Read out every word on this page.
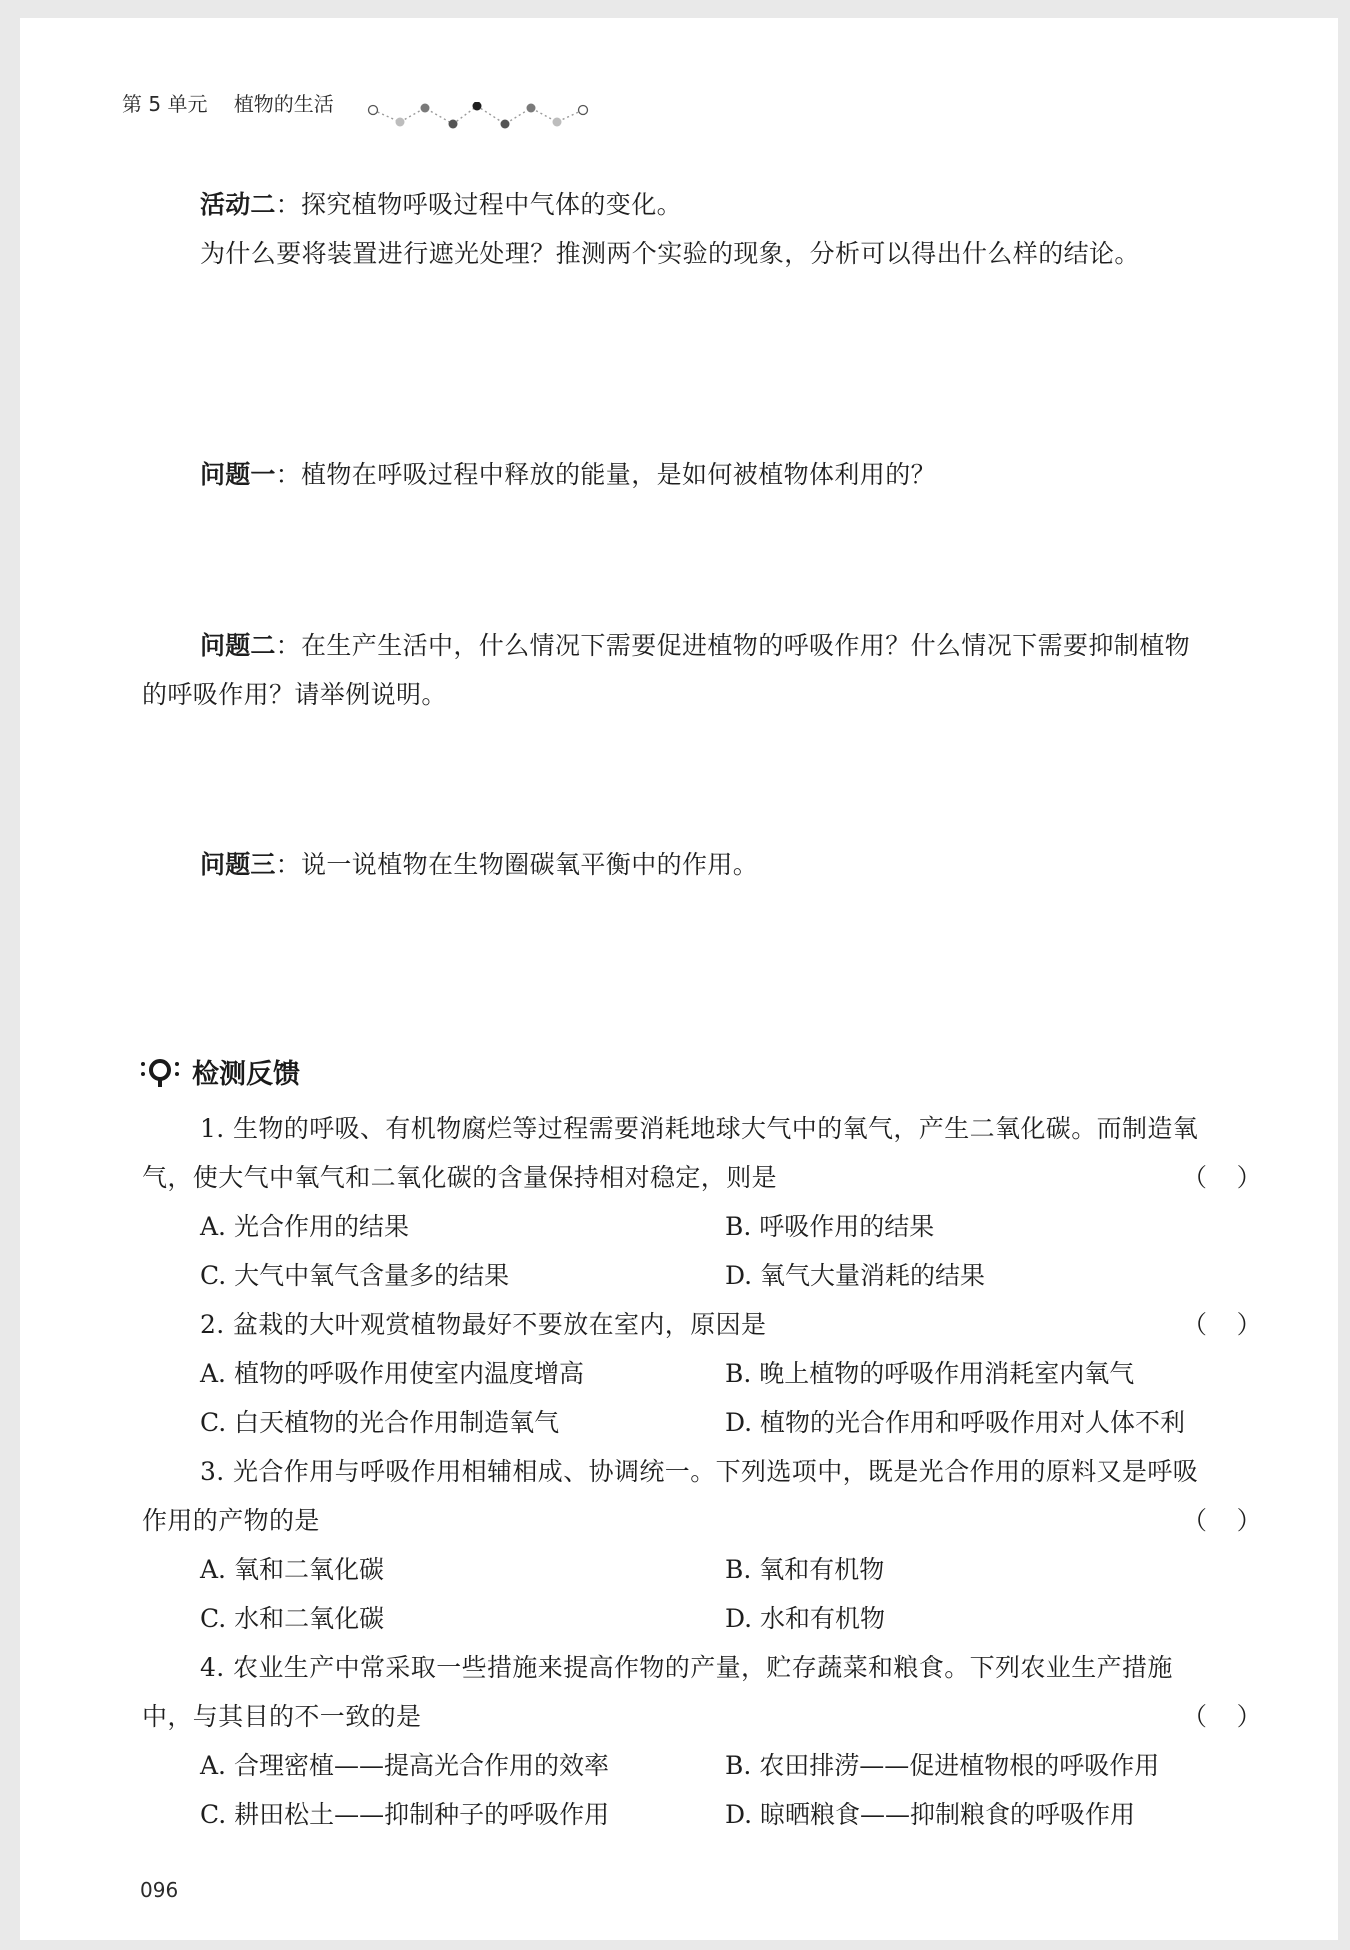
第 5 单元 植物的生活
活动二：探究植物呼吸过程中气体的变化。
为什么要将装置进行遮光处理？推测两个实验的现象，分析可以得出什么样的结论。
问题一：植物在呼吸过程中释放的能量，是如何被植物体利用的？
问题二：在生产生活中，什么情况下需要促进植物的呼吸作用？什么情况下需要抑制植物
的呼吸作用？请举例说明。
问题三：说一说植物在生物圈碳氧平衡中的作用。
检测反馈
1. 生物的呼吸、有机物腐烂等过程需要消耗地球大气中的氧气，产生二氧化碳。而制造氧
气，使大气中氧气和二氧化碳的含量保持相对稳定，则是	（ ）
A. 光合作用的结果	B. 呼吸作用的结果
C. 大气中氧气含量多的结果	D. 氧气大量消耗的结果
2. 盆栽的大叶观赏植物最好不要放在室内，原因是	（ ）
A. 植物的呼吸作用使室内温度增高	B. 晚上植物的呼吸作用消耗室内氧气
C. 白天植物的光合作用制造氧气	D. 植物的光合作用和呼吸作用对人体不利
3. 光合作用与呼吸作用相辅相成、协调统一。下列选项中，既是光合作用的原料又是呼吸
作用的产物的是	（ ）
A. 氧和二氧化碳	B. 氧和有机物
C. 水和二氧化碳	D. 水和有机物
4. 农业生产中常采取一些措施来提高作物的产量，贮存蔬菜和粮食。下列农业生产措施
中，与其目的不一致的是	（ ）
A. 合理密植——提高光合作用的效率	B. 农田排涝——促进植物根的呼吸作用
C. 耕田松土——抑制种子的呼吸作用	D. 晾晒粮食——抑制粮食的呼吸作用
096
